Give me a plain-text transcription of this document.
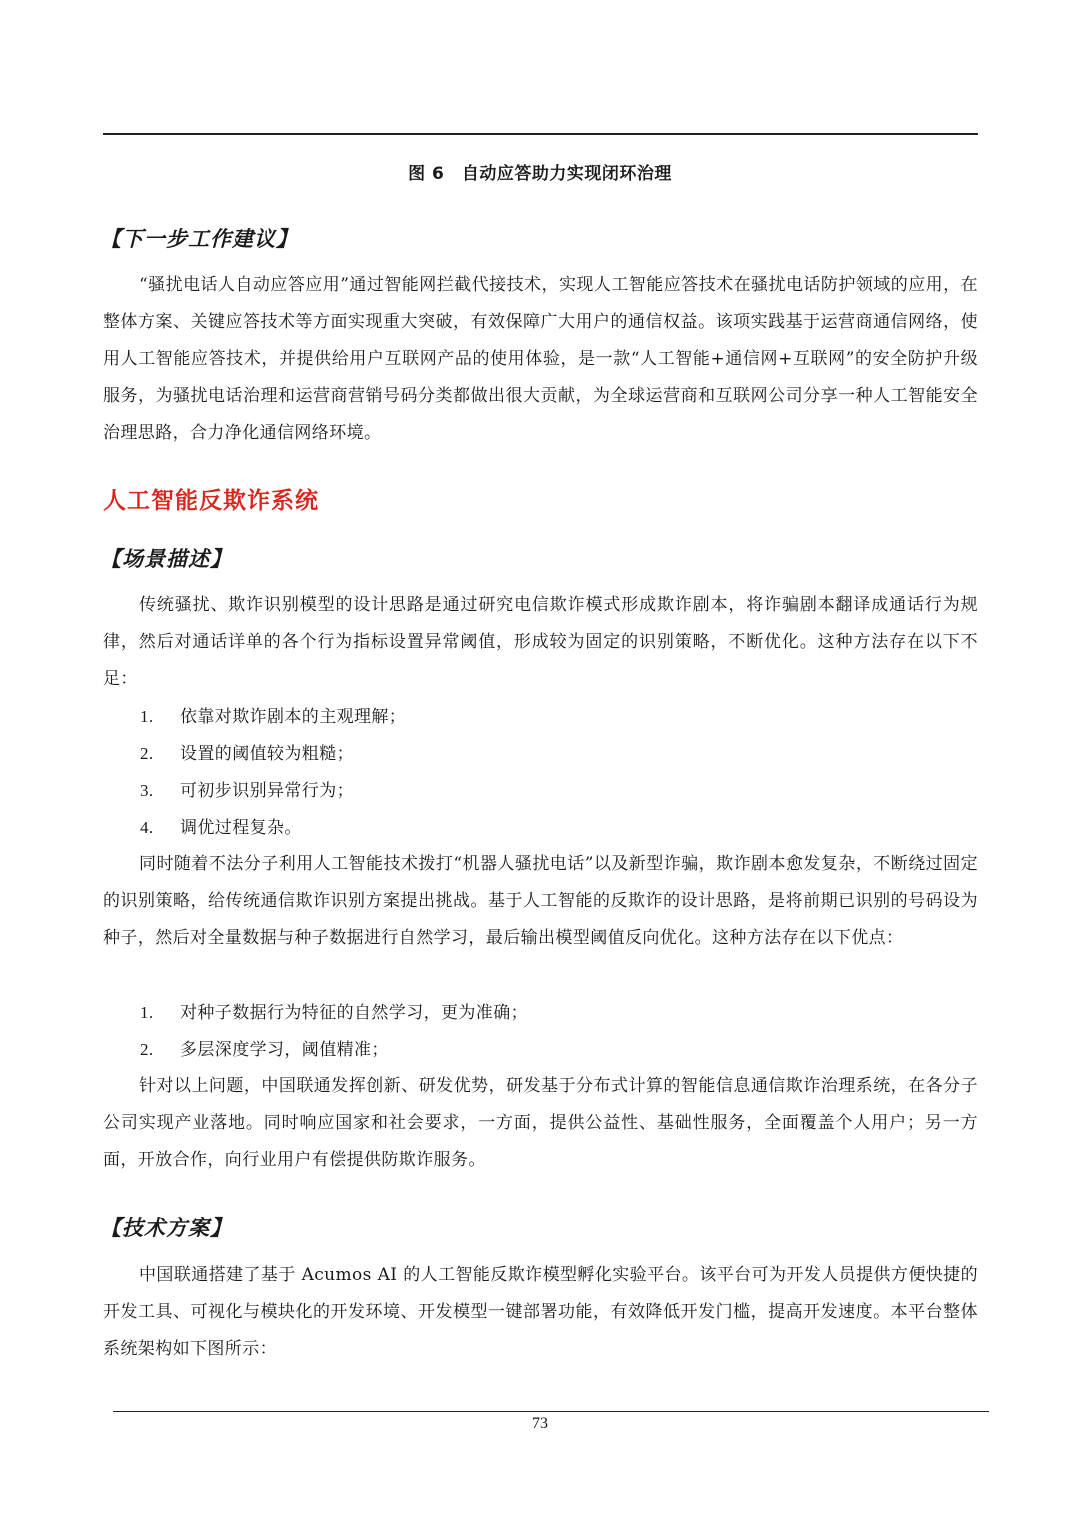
图 6　自动应答助力实现闭环治理
【下一步工作建议】

“骚扰电话人自动应答应用”通过智能网拦截代接技术，实现人工智能应答技术在骚扰电话防护领域的应用，在整体方案、关键应答技术等方面实现重大突破，有效保障广大用户的通信权益。该项实践基于运营商通信网络，使用人工智能应答技术，并提供给用户互联网产品的使用体验，是一款“人工智能+通信网+互联网”的安全防护升级服务，为骚扰电话治理和运营商营销号码分类都做出很大贡献，为全球运营商和互联网公司分享一种人工智能安全治理思路，合力净化通信网络环境。

人工智能反欺诈系统
【场景描述】

传统骚扰、欺诈识别模型的设计思路是通过研究电信欺诈模式形成欺诈剧本，将诈骗剧本翻译成通话行为规律，然后对通话详单的各个行为指标设置异常阈值，形成较为固定的识别策略，不断优化。这种方法存在以下不足：

1. 依靠对欺诈剧本的主观理解；
2. 设置的阈值较为粗糙；
3. 可初步识别异常行为；
4. 调优过程复杂。

同时随着不法分子利用人工智能技术拨打“机器人骚扰电话”以及新型诈骗，欺诈剧本愈发复杂，不断绕过固定的识别策略，给传统通信欺诈识别方案提出挑战。基于人工智能的反欺诈的设计思路，是将前期已识别的号码设为种子，然后对全量数据与种子数据进行自然学习，最后输出模型阈值反向优化。这种方法存在以下优点：

1. 对种子数据行为特征的自然学习，更为准确；
2. 多层深度学习，阈值精准；

针对以上问题，中国联通发挥创新、研发优势，研发基于分布式计算的智能信息通信欺诈治理系统，在各分子公司实现产业落地。同时响应国家和社会要求，一方面，提供公益性、基础性服务，全面覆盖个人用户；另一方面，开放合作，向行业用户有偿提供防欺诈服务。

【技术方案】

中国联通搭建了基于 Acumos AI 的人工智能反欺诈模型孵化实验平台。该平台可为开发人员提供方便快捷的开发工具、可视化与模块化的开发环境、开发模型一键部署功能，有效降低开发门槛，提高开发速度。本平台整体系统架构如下图所示：

73
